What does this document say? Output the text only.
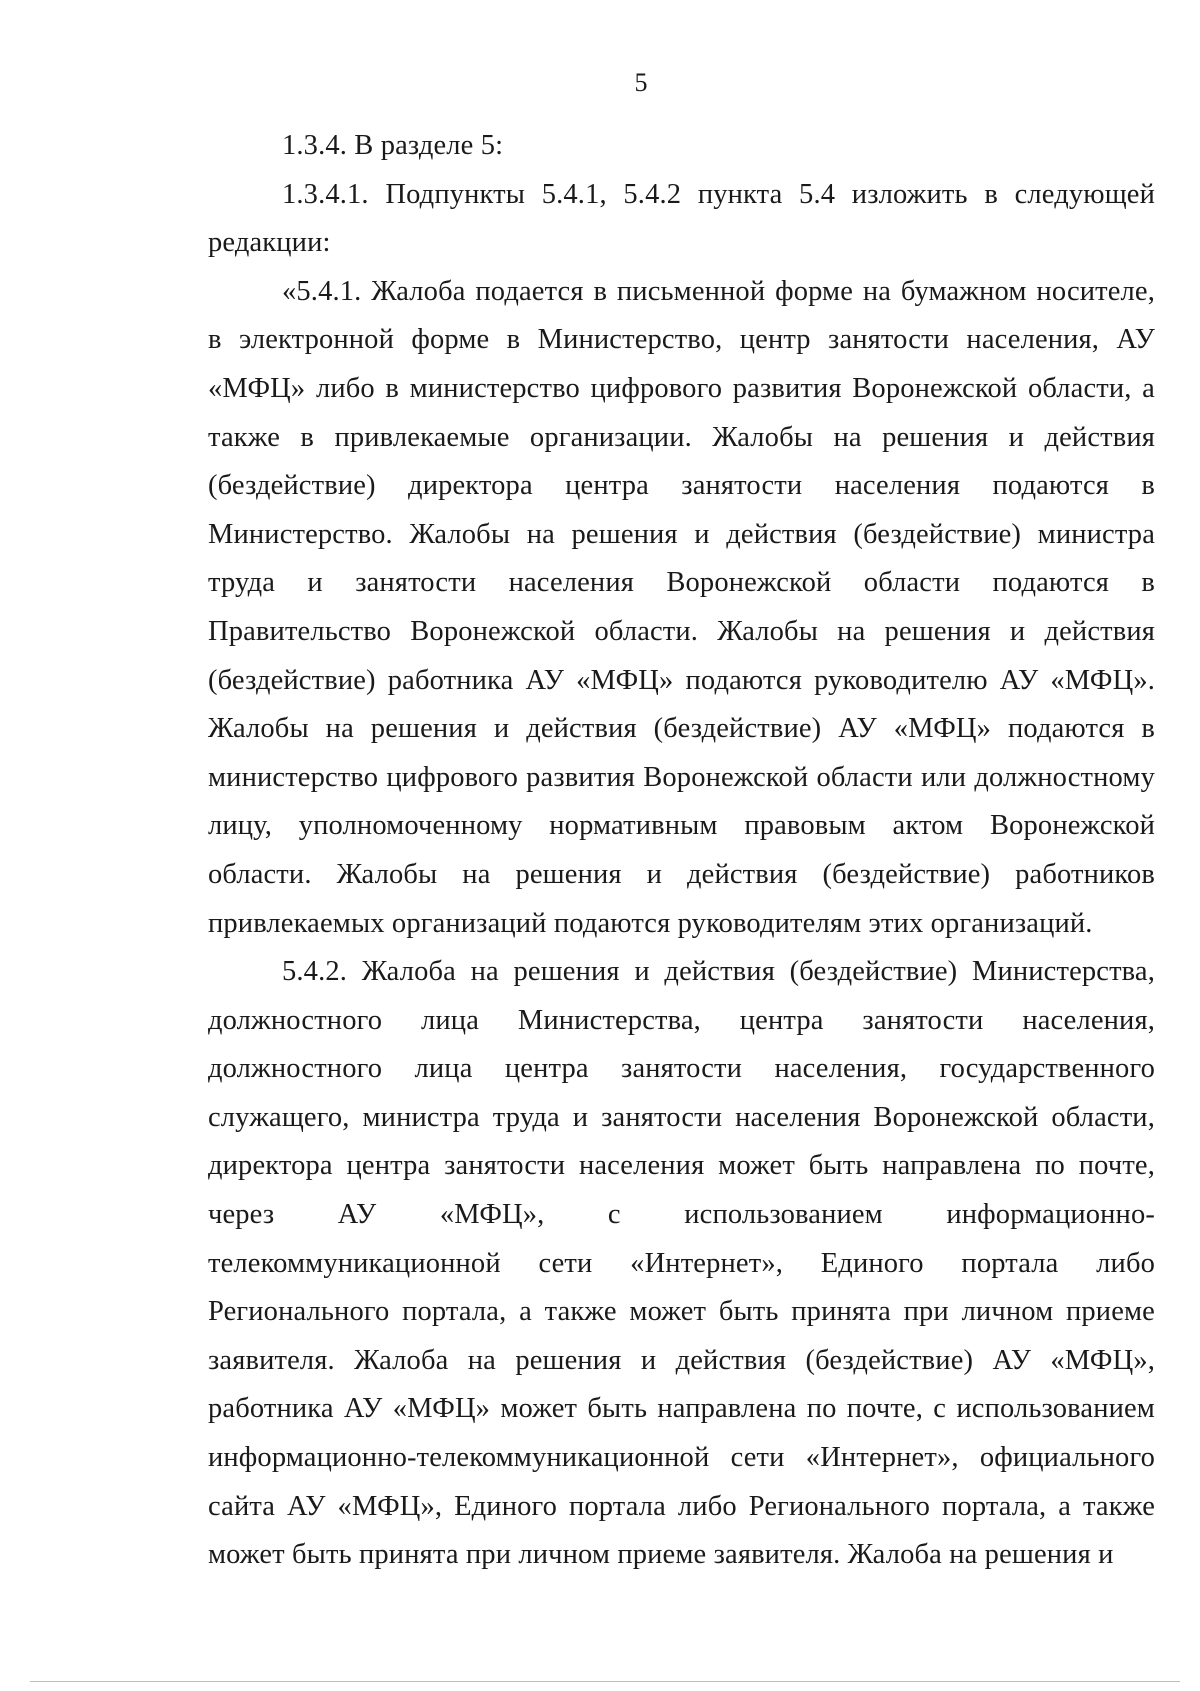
5

1.3.4. В разделе 5:

1.3.4.1. Подпункты 5.4.1, 5.4.2 пункта 5.4 изложить в следующей редакции:

«5.4.1. Жалоба подается в письменной форме на бумажном носителе, в электронной форме в Министерство, центр занятости населения, АУ «МФЦ» либо в министерство цифрового развития Воронежской области, а также в привлекаемые организации. Жалобы на решения и действия (бездействие) директора центра занятости населения подаются в Министерство. Жалобы на решения и действия (бездействие) министра труда и занятости населения Воронежской области подаются в Правительство Воронежской области. Жалобы на решения и действия (бездействие) работника АУ «МФЦ» подаются руководителю АУ «МФЦ». Жалобы на решения и действия (бездействие) АУ «МФЦ» подаются в министерство цифрового развития Воронежской области или должностному лицу, уполномоченному нормативным правовым актом Воронежской области. Жалобы на решения и действия (бездействие) работников привлекаемых организаций подаются руководителям этих организаций.

5.4.2. Жалоба на решения и действия (бездействие) Министерства, должностного лица Министерства, центра занятости населения, должностного лица центра занятости населения, государственного служащего, министра труда и занятости населения Воронежской области, директора центра занятости населения может быть направлена по почте, через АУ «МФЦ», с использованием информационно-телекоммуникационной сети «Интернет», Единого портала либо Регионального портала, а также может быть принята при личном приеме заявителя. Жалоба на решения и действия (бездействие) АУ «МФЦ», работника АУ «МФЦ» может быть направлена по почте, с использованием информационно-телекоммуникационной сети «Интернет», официального сайта АУ «МФЦ», Единого портала либо Регионального портала, а также может быть принята при личном приеме заявителя. Жалоба на решения и
